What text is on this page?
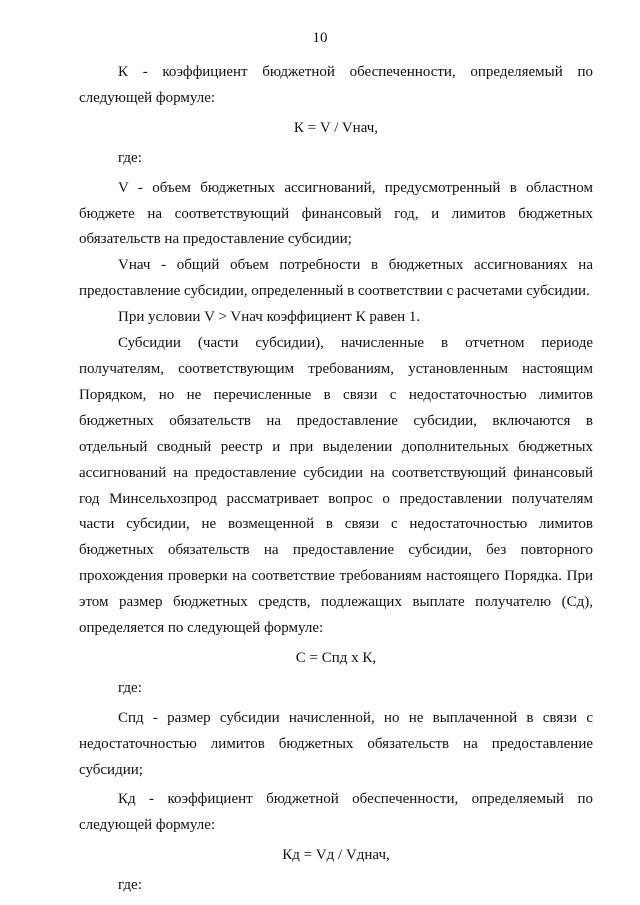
10

К - коэффициент бюджетной обеспеченности, определяемый по следующей формуле:

К = V / Vнач,

где:

V - объем бюджетных ассигнований, предусмотренный в областном бюджете на соответствующий финансовый год, и лимитов бюджетных обязательств на предоставление субсидии;

Vнач - общий объем потребности в бюджетных ассигнованиях на предоставление субсидии, определенный в соответствии с расчетами субсидии.

При условии V > Vнач коэффициент К равен 1.

Субсидии (части субсидии), начисленные в отчетном периоде получателям, соответствующим требованиям, установленным настоящим Порядком, но не перечисленные в связи с недостаточностью лимитов бюджетных обязательств на предоставление субсидии, включаются в отдельный сводный реестр и при выделении дополнительных бюджетных ассигнований на предоставление субсидии на соответствующий финансовый год Минсельхозпрод рассматривает вопрос о предоставлении получателям части субсидии, не возмещенной в связи с недостаточностью лимитов бюджетных обязательств на предоставление субсидии, без повторного прохождения проверки на соответствие требованиям настоящего Порядка. При этом размер бюджетных средств, подлежащих выплате получателю (Сд), определяется по следующей формуле:

С = Спд х К,

где:

Спд - размер субсидии начисленной, но не выплаченной в связи с недостаточностью лимитов бюджетных обязательств на предоставление субсидии;

Кд - коэффициент бюджетной обеспеченности, определяемый по следующей формуле:

Кд = Vд / Vднач,

где:
